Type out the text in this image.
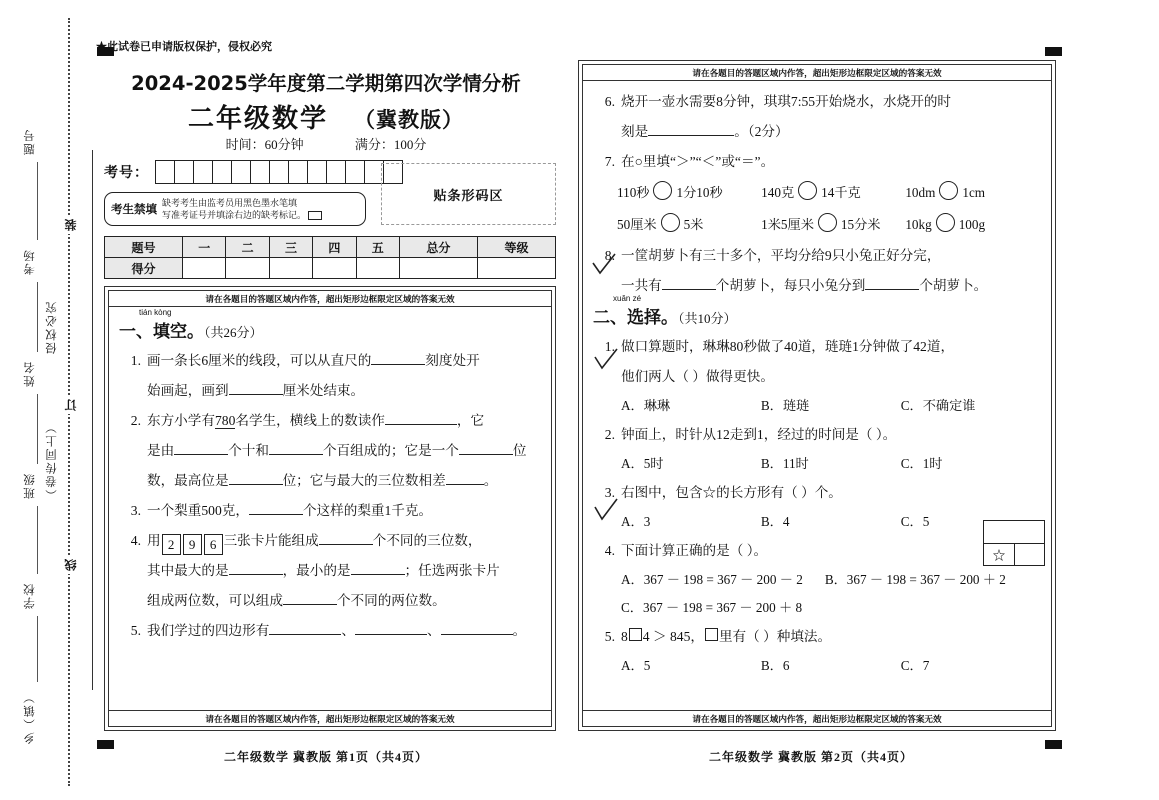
装
订
线
侵权必究
（卷传同上）
题号
考场
姓名
班级
学校
乡（镇）
★此试卷已申请版权保护，侵权必究
2024-2025学年度第二学期第四次学情分析
二年级数学 （冀教版）
时间：60分钟	满分：100分
考号：
考生禁填
缺考考生由监考员用黑色墨水笔填
写准考证号并填涂右边的缺考标记。
贴条形码区
题号	一	二	三	四	五	总分	等级
得分							
请在各题目的答题区域内作答，超出矩形边框限定区域的答案无效
tián kòng
一、填空。（共26分）
1. 画一条长6厘米的线段，可以从直尺的	刻度处开
始画起，画到	厘米处结束。
2. 东方小学有780名学生，横线上的数读作	，它
是由	个十和	个百组成的；它是一个	位
数，最高位是	位；它与最大的三位数相差	。
3. 一个梨重500克，	个这样的梨重1千克。
4. 用 2 9 6 三张卡片能组成	个不同的三位数，
其中最大的是	，最小的是	；任选两张卡片
组成两位数，可以组成	个不同的两位数。
5. 我们学过的四边形有	、	、	。
请在各题目的答题区域内作答，超出矩形边框限定区域的答案无效
二年级数学 冀教版 第1页（共4页）
请在各题目的答题区域内作答，超出矩形边框限定区域的答案无效
6. 烧开一壶水需要8分钟，琪琪7:55开始烧水，水烧开的时
刻是	。（2分）
7. 在○里填“＞”“＜”或“＝”。
110秒 1分10秒	140克 14千克	10dm 1cm
50厘米 5米	1米5厘米 15分米	10kg 100g
8. 一筐胡萝卜有三十多个，平均分给9只小兔正好分完，
一共有	个胡萝卜，每只小兔分到	个胡萝卜。
xuǎn zé
二、选择。（共10分）
1. 做口算题时，琳琳80秒做了40道，琏琏1分钟做了42道，
他们两人（ ）做得更快。
A．琳琳	B．琏琏	C．不确定谁
2. 钟面上，时针从12走到1，经过的时间是（ ）。
A．5时	B．11时	C．1时
3. 右图中，包含☆的长方形有（ ）个。
A．3	B．4	C．5
☆
4. 下面计算正确的是（ ）。
A．367 － 198 = 367 － 200 － 2 B．367 － 198 = 367 － 200 ＋ 2
C．367 － 198 = 367 － 200 ＋ 8
5. 8 4 ＞ 845， 里有（ ）种填法。
A．5	B．6	C．7
请在各题目的答题区域内作答，超出矩形边框限定区域的答案无效
二年级数学 冀教版 第2页（共4页）
